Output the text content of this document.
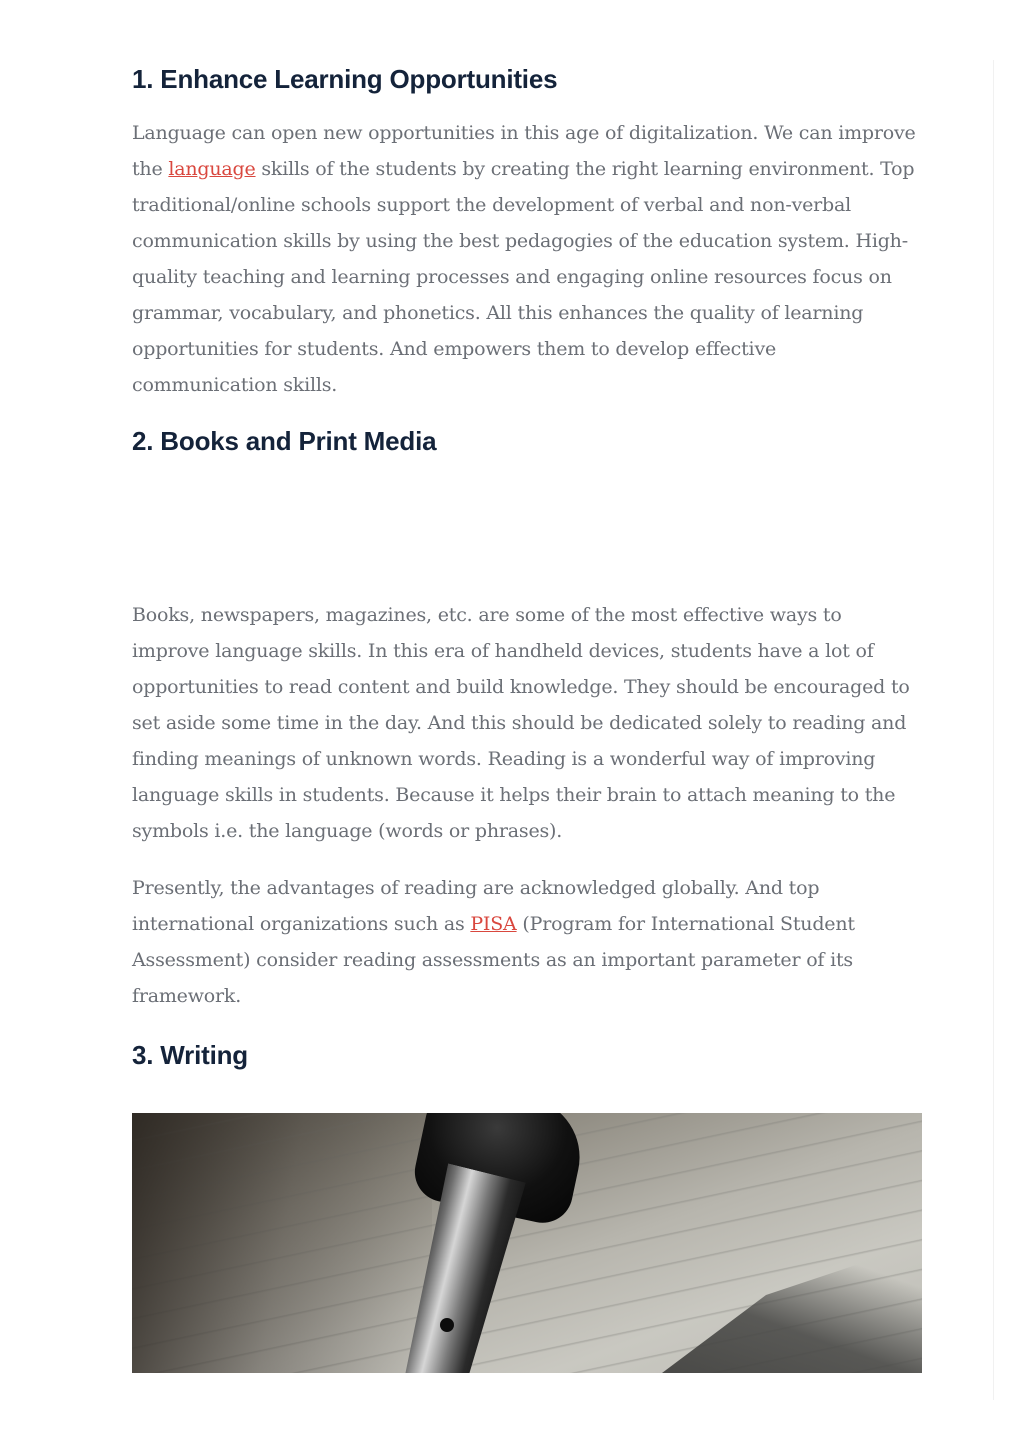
1. Enhance Learning Opportunities

Language can open new opportunities in this age of digitalization. We can improve the language skills of the students by creating the right learning environment. Top traditional/online schools support the development of verbal and non-verbal communication skills by using the best pedagogies of the education system. High-quality teaching and learning processes and engaging online resources focus on grammar, vocabulary, and phonetics. All this enhances the quality of learning opportunities for students. And empowers them to develop effective communication skills.

2. Books and Print Media

Books, newspapers, magazines, etc. are some of the most effective ways to improve language skills. In this era of handheld devices, students have a lot of opportunities to read content and build knowledge. They should be encouraged to set aside some time in the day. And this should be dedicated solely to reading and finding meanings of unknown words. Reading is a wonderful way of improving language skills in students. Because it helps their brain to attach meaning to the symbols i.e. the language (words or phrases).

Presently, the advantages of reading are acknowledged globally. And top international organizations such as PISA (Program for International Student Assessment) consider reading assessments as an important parameter of its framework.

3. Writing
